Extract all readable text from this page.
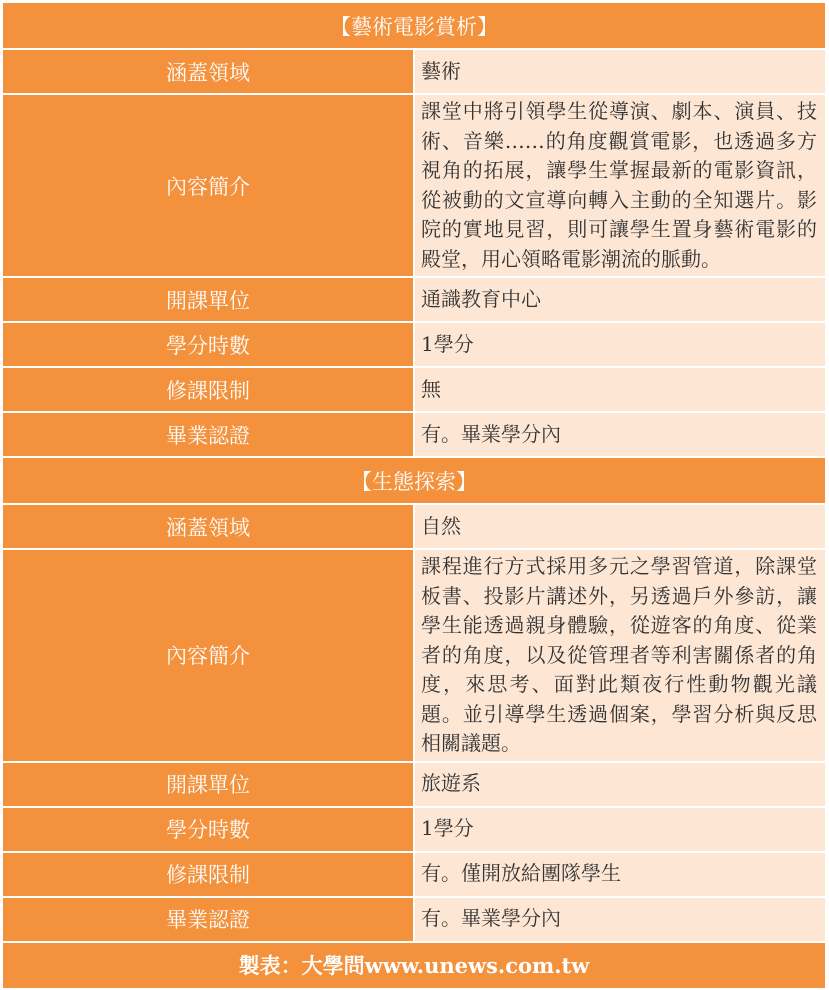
【藝術電影賞析】	
涵蓋領域	藝術
內容簡介	課堂中將引領學生從導演、劇本、演員、技術、音樂……的角度觀賞電影，也透過多方視角的拓展，讓學生掌握最新的電影資訊，從被動的文宣導向轉入主動的全知選片。影院的實地見習，則可讓學生置身藝術電影的殿堂，用心領略電影潮流的脈動。
開課單位	通識教育中心
學分時數	1學分
修課限制	無
畢業認證	有。畢業學分內
【生態探索】	
涵蓋領域	自然
內容簡介	課程進行方式採用多元之學習管道，除課堂板書、投影片講述外，另透過戶外參訪，讓學生能透過親身體驗，從遊客的角度、從業者的角度，以及從管理者等利害關係者的角度，來思考、面對此類夜行性動物觀光議題。並引導學生透過個案，學習分析與反思相關議題。
開課單位	旅遊系
學分時數	1學分
修課限制	有。僅開放給團隊學生
畢業認證	有。畢業學分內
製表：大學問www.unews.com.tw	
